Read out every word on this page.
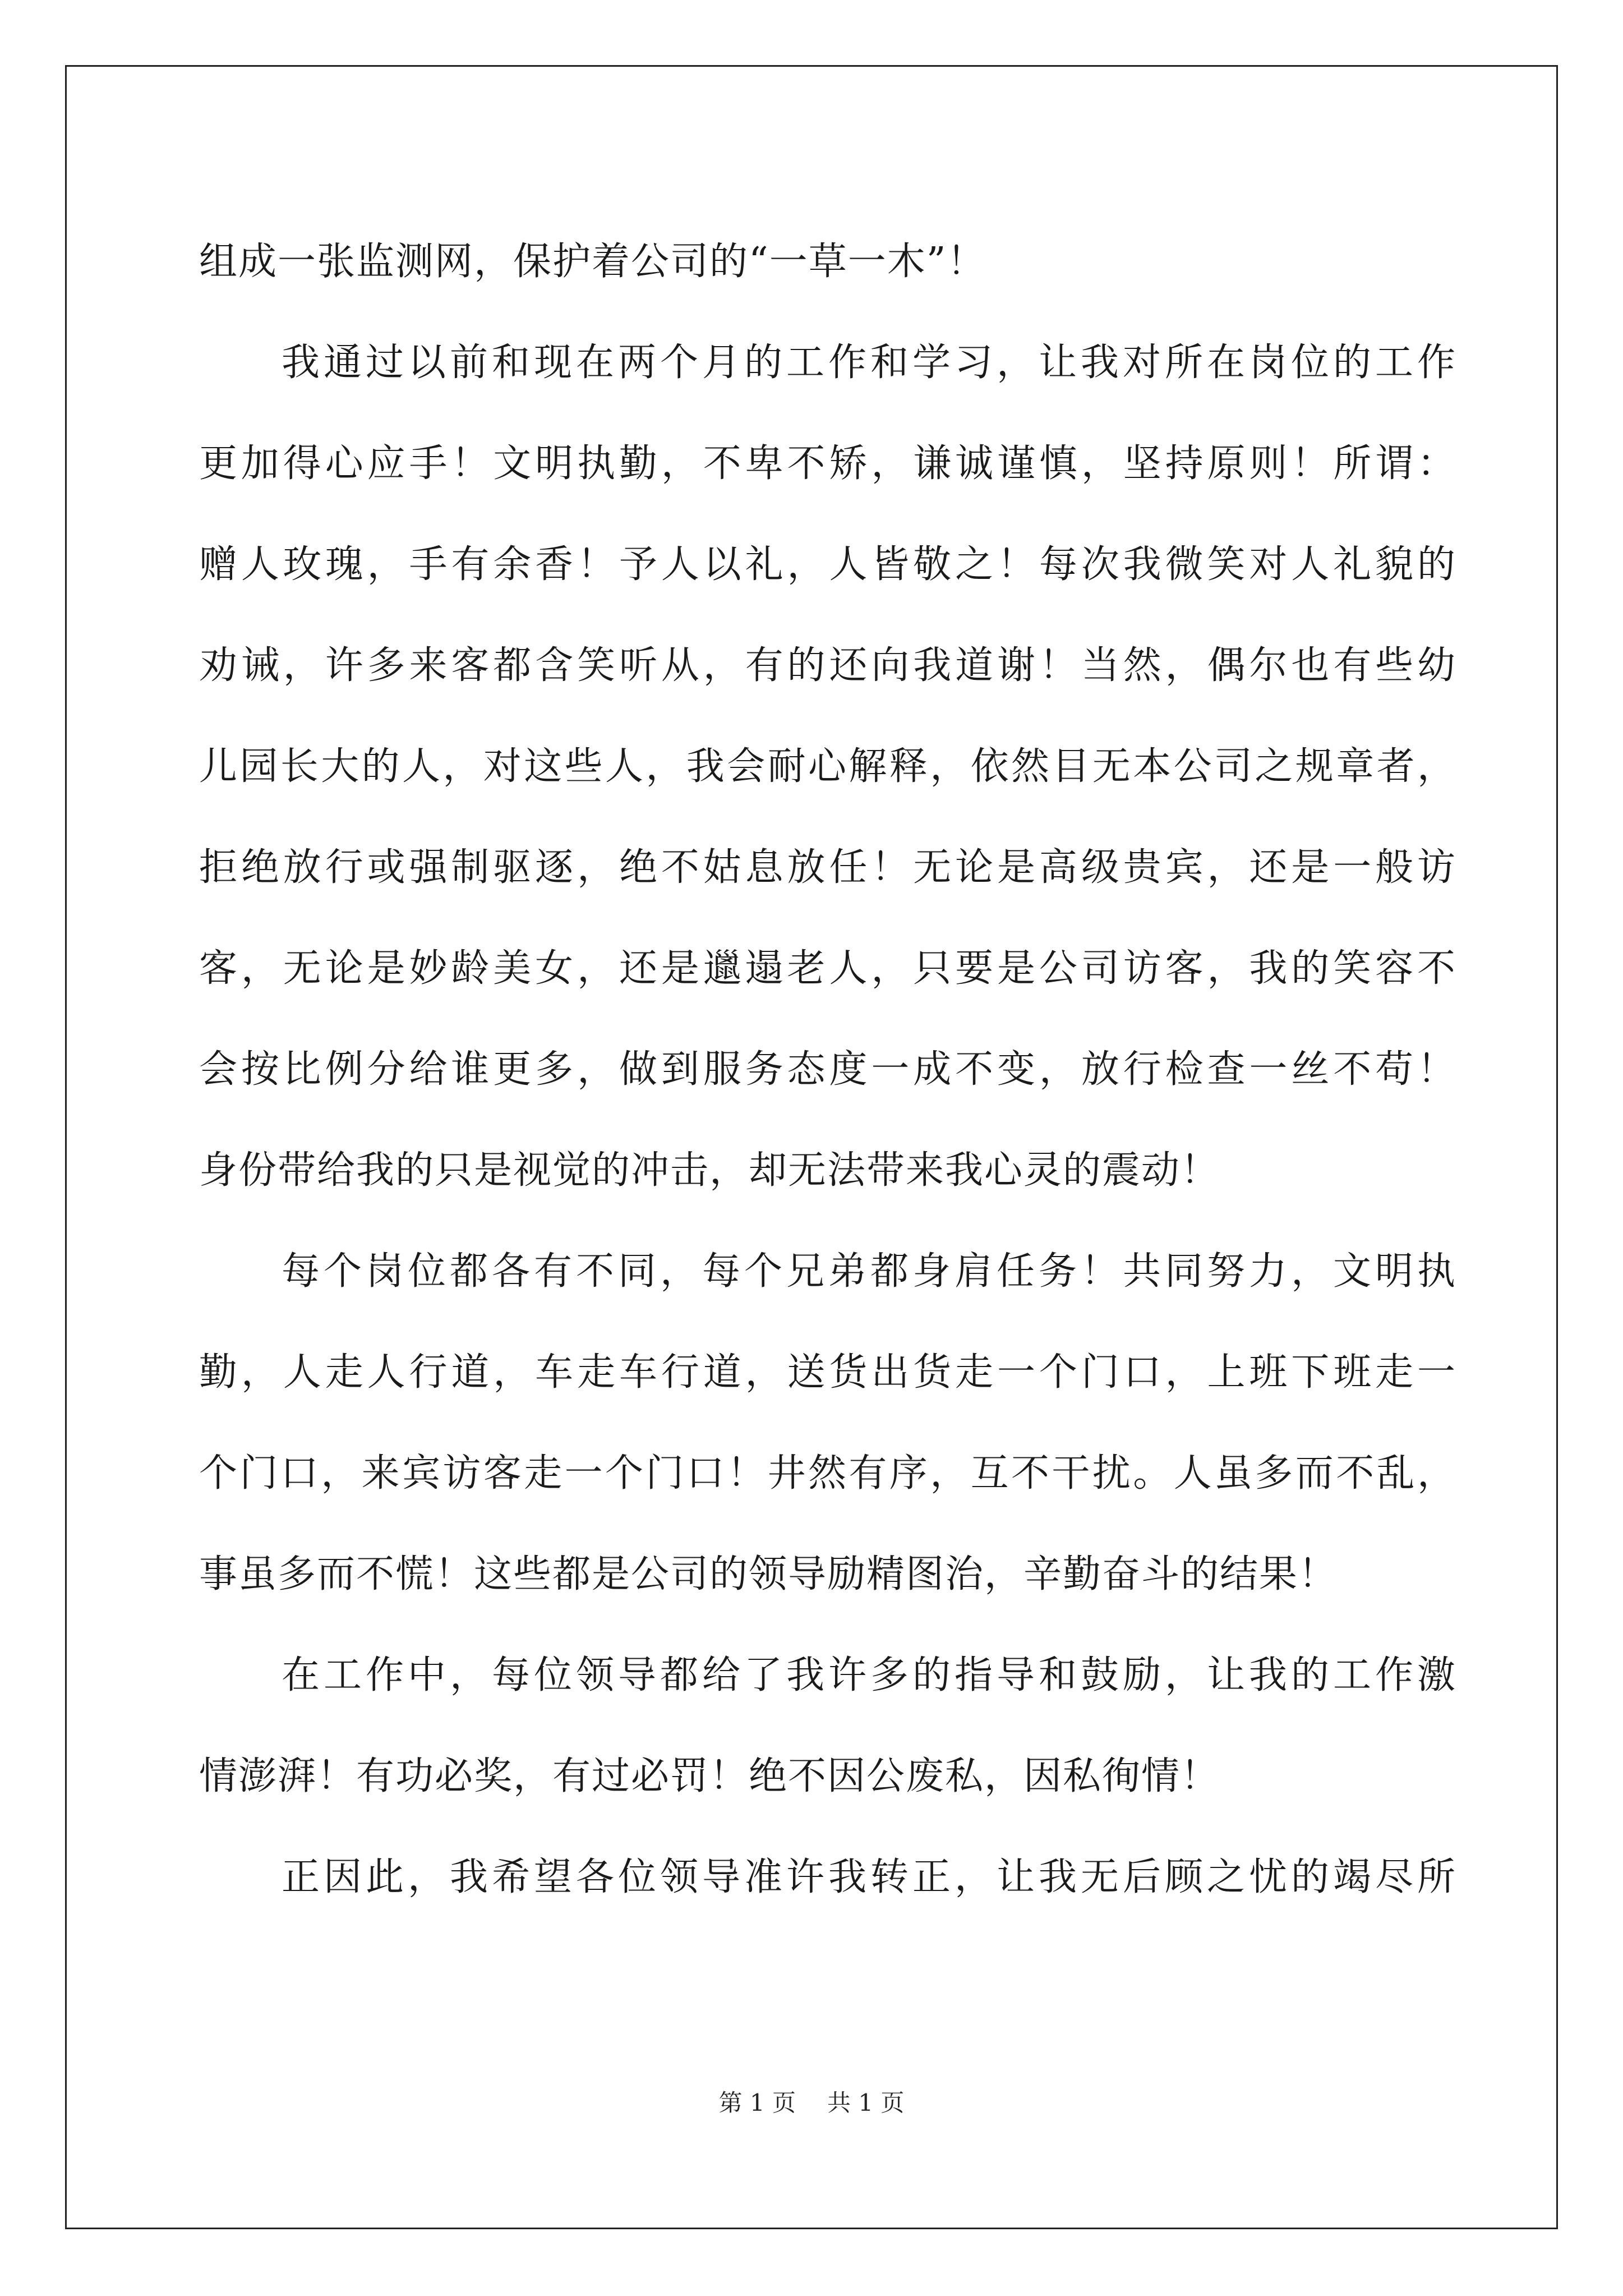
组成一张监测网，保护着公司的“一草一木”！
我通过以前和现在两个月的工作和学习，让我对所在岗位的工作
更加得心应手！文明执勤，不卑不矫，谦诚谨慎，坚持原则！所谓：
赠人玫瑰，手有余香！予人以礼，人皆敬之！每次我微笑对人礼貌的
劝诫，许多来客都含笑听从，有的还向我道谢！当然，偶尔也有些幼
儿园长大的人，对这些人，我会耐心解释，依然目无本公司之规章者，
拒绝放行或强制驱逐，绝不姑息放任！无论是高级贵宾，还是一般访
客，无论是妙龄美女，还是邋遢老人，只要是公司访客，我的笑容不
会按比例分给谁更多，做到服务态度一成不变，放行检查一丝不苟！
身份带给我的只是视觉的冲击，却无法带来我心灵的震动！
每个岗位都各有不同，每个兄弟都身肩任务！共同努力，文明执
勤，人走人行道，车走车行道，送货出货走一个门口，上班下班走一
个门口，来宾访客走一个门口！井然有序，互不干扰。人虽多而不乱，
事虽多而不慌！这些都是公司的领导励精图治，辛勤奋斗的结果！
在工作中，每位领导都给了我许多的指导和鼓励，让我的工作激
情澎湃！有功必奖，有过必罚！绝不因公废私，因私徇情！
正因此，我希望各位领导准许我转正，让我无后顾之忧的竭尽所
第 1 页 共 1 页
